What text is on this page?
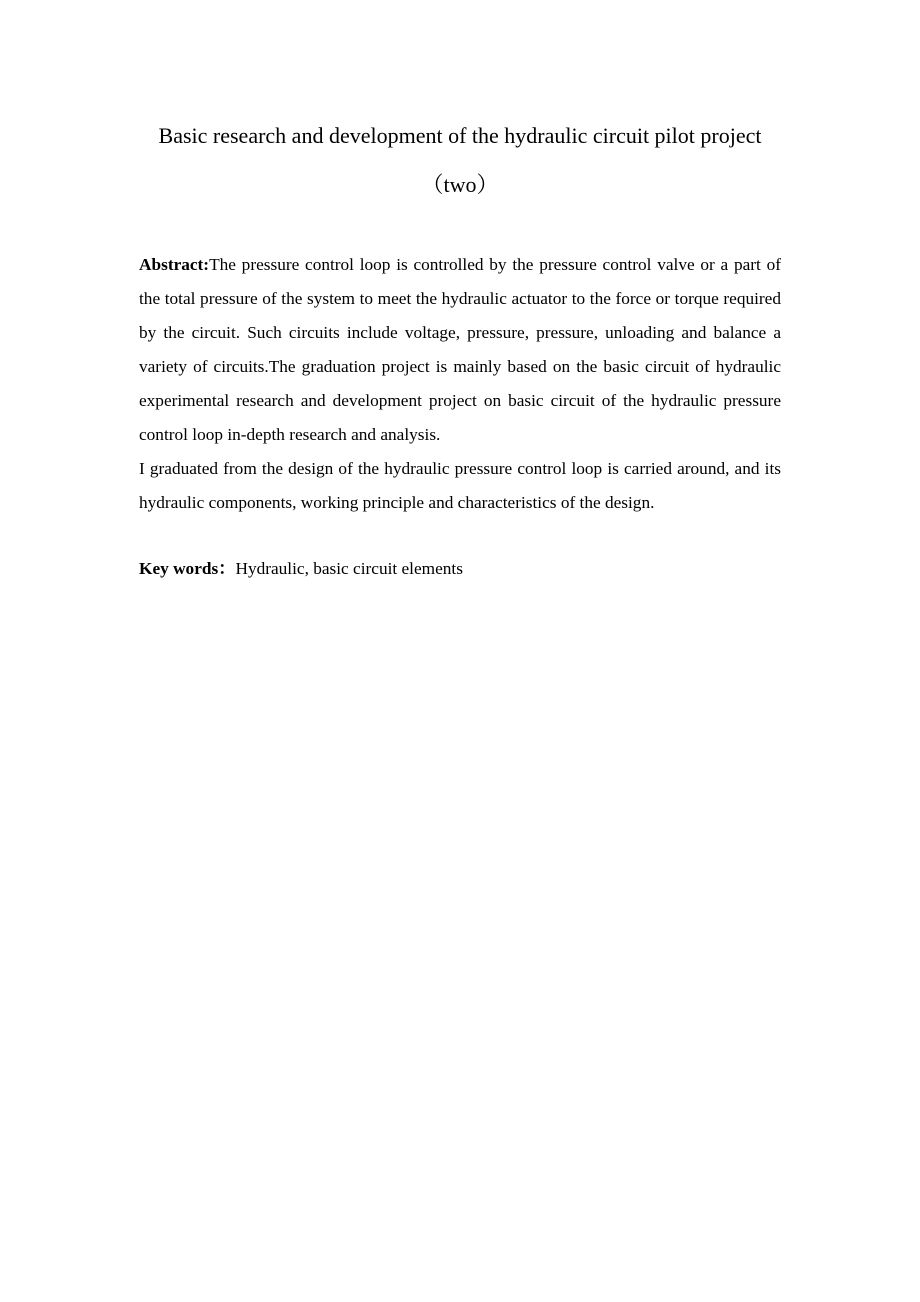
Basic research and development of the hydraulic circuit pilot project
（two）

Abstract:The pressure control loop is controlled by the pressure control valve or a part of the total pressure of the system to meet the hydraulic actuator to the force or torque required by the circuit. Such circuits include voltage, pressure, pressure, unloading and balance a variety of circuits.The graduation project is mainly based on the basic circuit of hydraulic experimental research and development project on basic circuit of the hydraulic pressure control loop in-depth research and analysis.

I graduated from the design of the hydraulic pressure control loop is carried around, and its hydraulic components, working principle and characteristics of the design.

Key words：Hydraulic, basic circuit elements
